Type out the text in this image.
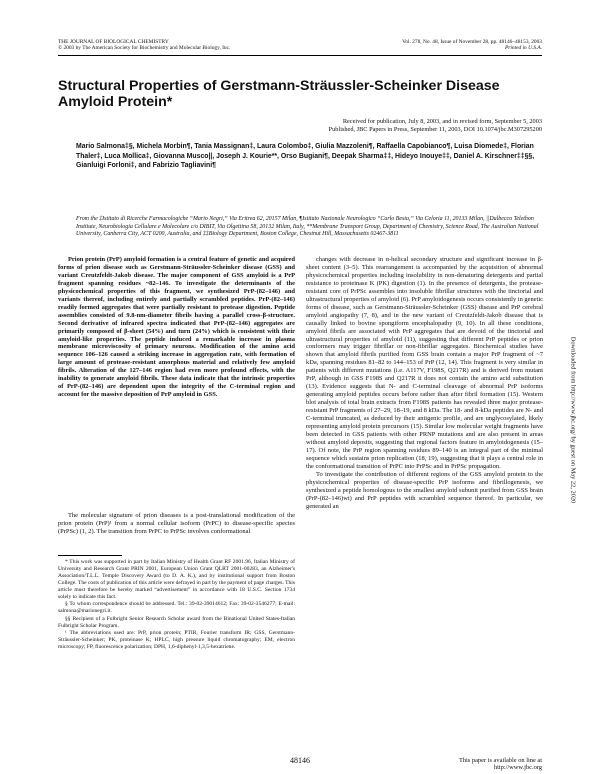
THE JOURNAL OF BIOLOGICAL CHEMISTRY
© 2003 by The American Society for Biochemistry and Molecular Biology, Inc.
Vol. 278, No. 48, Issue of November 28, pp. 48146–48153, 2003
Printed in U.S.A.
Structural Properties of Gerstmann-Sträussler-Scheinker Disease Amyloid Protein*
Received for publication, July 8, 2003, and in revised form, September 5, 2003
Published, JBC Papers in Press, September 11, 2003, DOI 10.1074/jbc.M307295200
Mario Salmona‡§, Michela Morbin¶, Tania Massignan‡, Laura Colombo‡, Giulia Mazzoleni¶, Raffaella Capobianco¶, Luisa Diomede‡, Florian Thaler‡, Luca Mollica‡, Giovanna Musco||, Joseph J. Kourie**, Orso Bugiani¶, Deepak Sharma‡‡, Hideyo Inouye‡‡, Daniel A. Kirschner‡‡§§, Gianluigi Forloni‡, and Fabrizio Tagliavini¶
From the ‡Istituto di Ricerche Farmacologiche “Mario Negri,” Via Eritrea 62, 20157 Milan, ¶Istituto Nazionale Neurologico “Carlo Besta,” Via Celoria 11, 20133 Milan, ||Dulbecco Telethon Institute, Neurobiologia Cellulare e Molecolare c/o DIBIT, Via Olgettina 58, 20132 Milan, Italy, **Membrane Transport Group, Department of Chemistry, Science Road, The Australian National University, Canberra City, ACT 0200, Australia, and ‡‡Biology Department, Boston College, Chestnut Hill, Massachusetts 02467-3811

Prion protein (PrP) amyloid formation is a central feature of genetic and acquired forms of prion disease such as Gerstmann-Sträussler-Scheinker disease (GSS) and variant Creutzfeldt-Jakob disease. The major component of GSS amyloid is a PrP fragment spanning residues ~82–146. To investigate the determinants of the physicochemical properties of this fragment, we synthesized PrP-(82–146) and variants thereof, including entirely and partially scrambled peptides. PrP-(82–146) readily formed aggregates that were partially resistant to protease digestion. Peptide assemblies consisted of 9.8-nm-diameter fibrils having a parallel cross-β-structure. Second derivative of infrared spectra indicated that PrP-(82–146) aggregates are primarily composed of β-sheet (54%) and turn (24%) which is consistent with their amyloid-like properties. The peptide induced a remarkable increase in plasma membrane microviscosity of primary neurons. Modification of the amino acid sequence 106–126 caused a striking increase in aggregation rate, with formation of large amount of protease-resistant amorphous material and relatively few amyloid fibrils. Alteration of the 127–146 region had even more profound effects, with the inability to generate amyloid fibrils. These data indicate that the intrinsic properties of PrP-(82–146) are dependent upon the integrity of the C-terminal region and account for the massive deposition of PrP amyloid in GSS.

The molecular signature of prion diseases is a post-translational modification of the prion protein (PrP)¹ from a normal cellular isoform (PrPC) to disease-specific species (PrPSc) (1, 2). The transition from PrPC to PrPSc involves conformational

* This work was supported in part by Italian Ministry of Health Grant RF 2001.96, Italian Ministry of University and Research Grant PRIN 2001, European Union Grant QLRT 2001-00283, an Alzheimer's Association/T.L.L. Temple Discovery Award (to D. A. K.), and by institutional support from Boston College. The costs of publication of this article were defrayed in part by the payment of page charges. This article must therefore be hereby marked “advertisement” in accordance with 18 U.S.C. Section 1734 solely to indicate this fact.

§ To whom correspondence should be addressed. Tel.: 39-02-39014612; Fax: 39-02-3546277; E-mail: salmona@marionegri.it.

§§ Recipient of a Fulbright Senior Research Scholar award from the Binational United States-Italian Fulbright Scholar Program.

¹ The abbreviations used are: PrP, prion protein; PTIR, Fourier transform IR; GSS, Gerstmann-Sträussler-Scheinker; PK, proteinase K; HPLC, high pressure liquid chromatography; EM, electron microscopy; FP, fluorescence polarization; DPH, 1,6-diphenyl-1,3,5-hexatriene.

changes with decrease in α-helical secondary structure and significant increase in β-sheet content (3–5). This rearrangement is accompanied by the acquisition of abnormal physicochemical properties including insolubility in non-denaturing detergents and partial resistance to proteinase K (PK) digestion (1). In the presence of detergents, the protease-resistant core of PrPSc assembles into insoluble fibrillar structures with the tinctorial and ultrastructural properties of amyloid (6). PrP amyloidogenesis occurs consistently in genetic forms of disease, such as Gerstmann-Sträussler-Scheinker (GSS) disease and PrP cerebral amyloid angiopathy (7, 8), and in the new variant of Creutzfeldt-Jakob disease that is causally linked to bovine spongiform encephalopathy (9, 10). In all these conditions, amyloid fibrils are associated with PrP aggregates that are devoid of the tinctorial and ultrastructural properties of amyloid (11), suggesting that different PrP peptides or prion conformers may trigger fibrillar or non-fibrillar aggregates. Biochemical studies have shown that amyloid fibrils purified from GSS brain contain a major PrP fragment of ~7 kDa, spanning residues 81–82 to 144–153 of PrP (12, 14). This fragment is very similar in patients with different mutations (i.e. A117V, F198S, Q217R) and is derived from mutant PrP, although in GSS F198S and Q217R it does not contain the amino acid substitution (13). Evidence suggests that N- and C-terminal cleavage of abnormal PrP isoforms generating amyloid peptides occurs before rather than after fibril formation (15). Western blot analysis of total brain extracts from F198S patients has revealed three major protease-resistant PrP fragments of 27–29, 18–19, and 8 kDa. The 18- and 8-kDa peptides are N- and C-terminal truncated, as deduced by their antigenic profile, and are unglycosylated, likely representing amyloid protein precursors (15). Similar low molecular weight fragments have been detected in GSS patients with other PRNP mutations and are also present in areas without amyloid deposits, suggesting that regional factors feature in amyloidogenesis (15–17). Of note, the PrP region spanning residues 89–140 is an integral part of the minimal sequence which sustains prion replication (18, 19), suggesting that it plays a central role in the conformational transition of PrPC into PrPSc and in PrPSc propagation.

To investigate the contribution of different regions of the GSS amyloid protein to the physicochemical properties of disease-specific PrP isoforms and fibrillogenesis, we synthesized a peptide homologous to the smallest amyloid subunit purified from GSS brain (PrP-(82–146)wt) and PrP peptides with scrambled sequence thereof. In particular, we generated an

48146	This paper is available on line at http://www.jbc.org
Downloaded from http://www.jbc.org/ by guest on May 22, 2020
